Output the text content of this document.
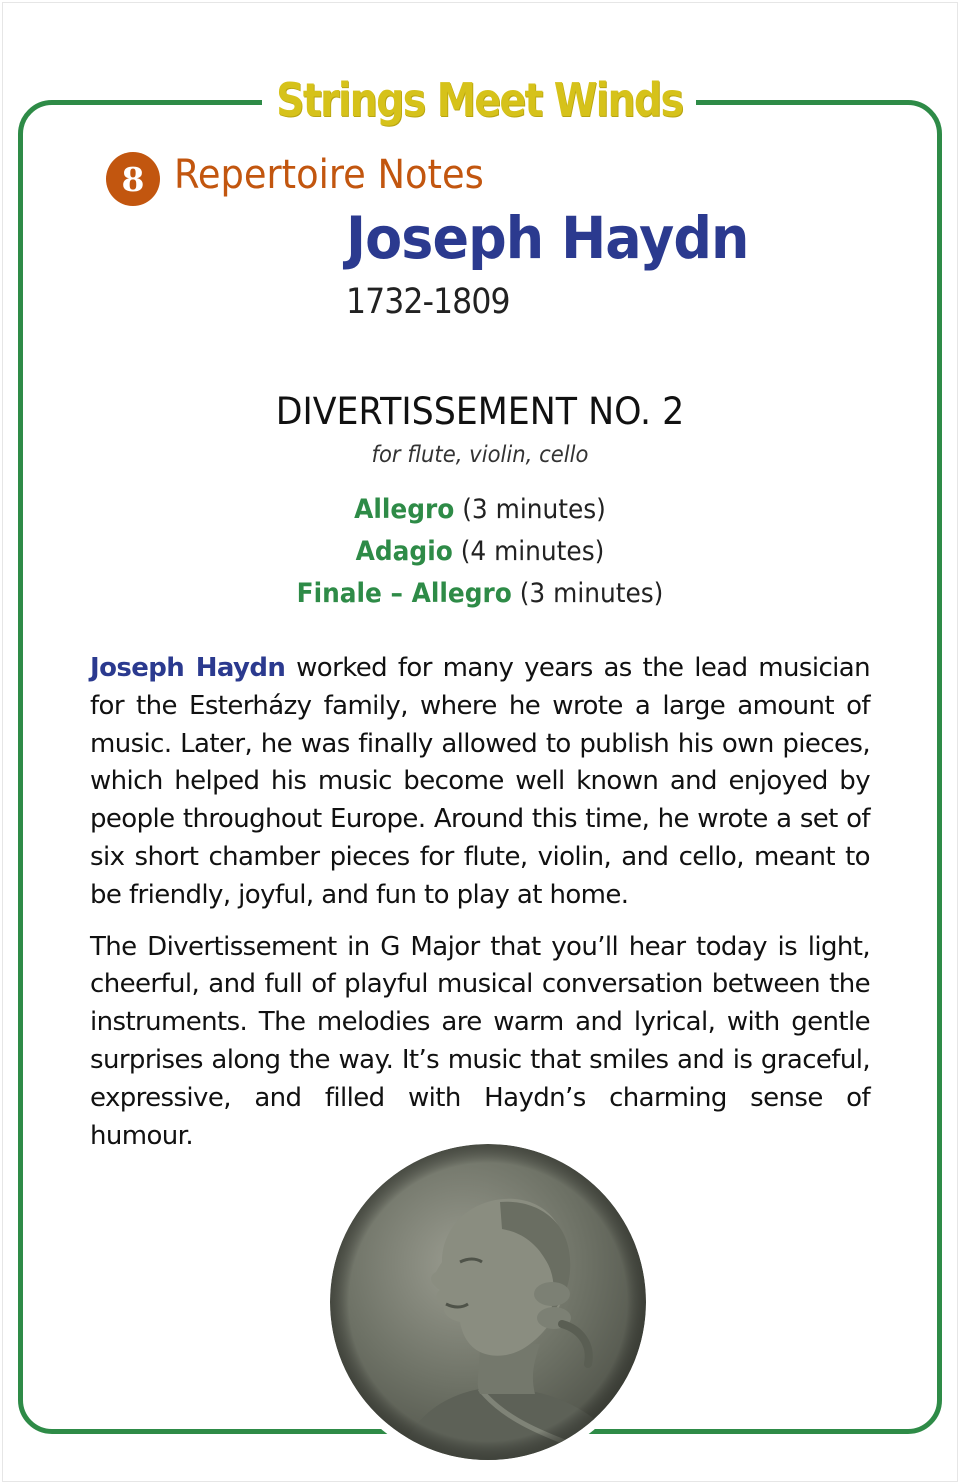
Strings Meet Winds
8 Repertoire Notes
Joseph Haydn
1732-1809
DIVERTISSEMENT NO. 2
for flute, violin, cello
Allegro (3 minutes)
Adagio (4 minutes)
Finale – Allegro (3 minutes)

Joseph Haydn worked for many years as the lead musician for the Esterházy family, where he wrote a large amount of music. Later, he was finally allowed to publish his own pieces, which helped his music become well known and enjoyed by people throughout Europe. Around this time, he wrote a set of six short chamber pieces for flute, violin, and cello, meant to be friendly, joyful, and fun to play at home.

The Divertissement in G Major that you’ll hear today is light, cheerful, and full of playful musical conversation between the instruments. The melodies are warm and lyrical, with gentle surprises along the way. It’s music that smiles and is graceful, expressive, and filled with Haydn’s charming sense of humour.
